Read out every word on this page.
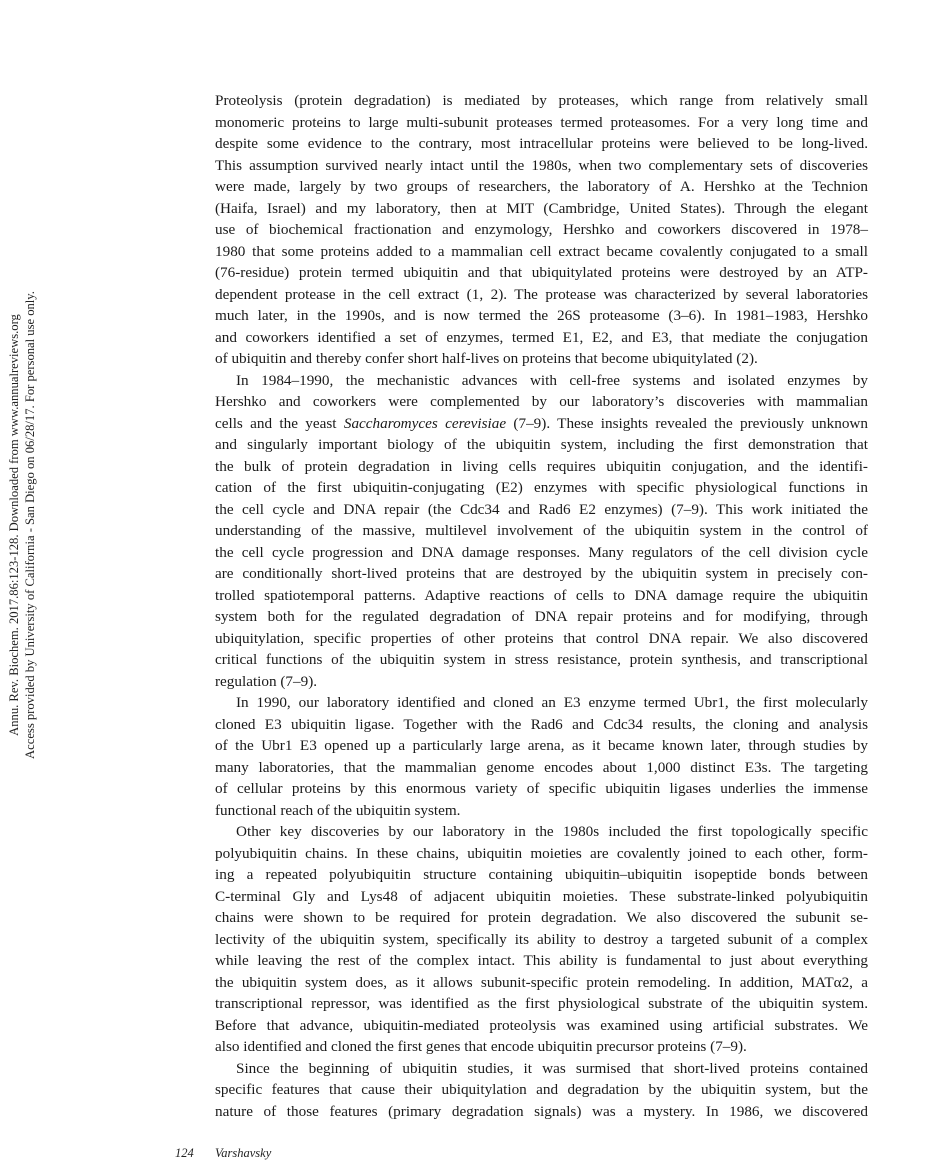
Annu. Rev. Biochem. 2017.86:123-128. Downloaded from www.annualreviews.org Access provided by University of California - San Diego on 06/28/17. For personal use only.
Proteolysis (protein degradation) is mediated by proteases, which range from relatively small
monomeric proteins to large multi-subunit proteases termed proteasomes. For a very long time and
despite some evidence to the contrary, most intracellular proteins were believed to be long-lived.
This assumption survived nearly intact until the 1980s, when two complementary sets of discoveries
were made, largely by two groups of researchers, the laboratory of A. Hershko at the Technion
(Haifa, Israel) and my laboratory, then at MIT (Cambridge, United States). Through the elegant
use of biochemical fractionation and enzymology, Hershko and coworkers discovered in 1978–
1980 that some proteins added to a mammalian cell extract became covalently conjugated to a small
(76-residue) protein termed ubiquitin and that ubiquitylated proteins were destroyed by an ATP-
dependent protease in the cell extract (1, 2). The protease was characterized by several laboratories
much later, in the 1990s, and is now termed the 26S proteasome (3–6). In 1981–1983, Hershko
and coworkers identified a set of enzymes, termed E1, E2, and E3, that mediate the conjugation
of ubiquitin and thereby confer short half-lives on proteins that become ubiquitylated (2).
In 1984–1990, the mechanistic advances with cell-free systems and isolated enzymes by
Hershko and coworkers were complemented by our laboratory’s discoveries with mammalian
cells and the yeast Saccharomyces cerevisiae (7–9). These insights revealed the previously unknown
and singularly important biology of the ubiquitin system, including the first demonstration that
the bulk of protein degradation in living cells requires ubiquitin conjugation, and the identifi-
cation of the first ubiquitin-conjugating (E2) enzymes with specific physiological functions in
the cell cycle and DNA repair (the Cdc34 and Rad6 E2 enzymes) (7–9). This work initiated the
understanding of the massive, multilevel involvement of the ubiquitin system in the control of
the cell cycle progression and DNA damage responses. Many regulators of the cell division cycle
are conditionally short-lived proteins that are destroyed by the ubiquitin system in precisely con-
trolled spatiotemporal patterns. Adaptive reactions of cells to DNA damage require the ubiquitin
system both for the regulated degradation of DNA repair proteins and for modifying, through
ubiquitylation, specific properties of other proteins that control DNA repair. We also discovered
critical functions of the ubiquitin system in stress resistance, protein synthesis, and transcriptional
regulation (7–9).
In 1990, our laboratory identified and cloned an E3 enzyme termed Ubr1, the first molecularly
cloned E3 ubiquitin ligase. Together with the Rad6 and Cdc34 results, the cloning and analysis
of the Ubr1 E3 opened up a particularly large arena, as it became known later, through studies by
many laboratories, that the mammalian genome encodes about 1,000 distinct E3s. The targeting
of cellular proteins by this enormous variety of specific ubiquitin ligases underlies the immense
functional reach of the ubiquitin system.
Other key discoveries by our laboratory in the 1980s included the first topologically specific
polyubiquitin chains. In these chains, ubiquitin moieties are covalently joined to each other, form-
ing a repeated polyubiquitin structure containing ubiquitin–ubiquitin isopeptide bonds between
C-terminal Gly and Lys48 of adjacent ubiquitin moieties. These substrate-linked polyubiquitin
chains were shown to be required for protein degradation. We also discovered the subunit se-
lectivity of the ubiquitin system, specifically its ability to destroy a targeted subunit of a complex
while leaving the rest of the complex intact. This ability is fundamental to just about everything
the ubiquitin system does, as it allows subunit-specific protein remodeling. In addition, MATα2, a
transcriptional repressor, was identified as the first physiological substrate of the ubiquitin system.
Before that advance, ubiquitin-mediated proteolysis was examined using artificial substrates. We
also identified and cloned the first genes that encode ubiquitin precursor proteins (7–9).
Since the beginning of ubiquitin studies, it was surmised that short-lived proteins contained
specific features that cause their ubiquitylation and degradation by the ubiquitin system, but the
nature of those features (primary degradation signals) was a mystery. In 1986, we discovered
124 Varshavsky
